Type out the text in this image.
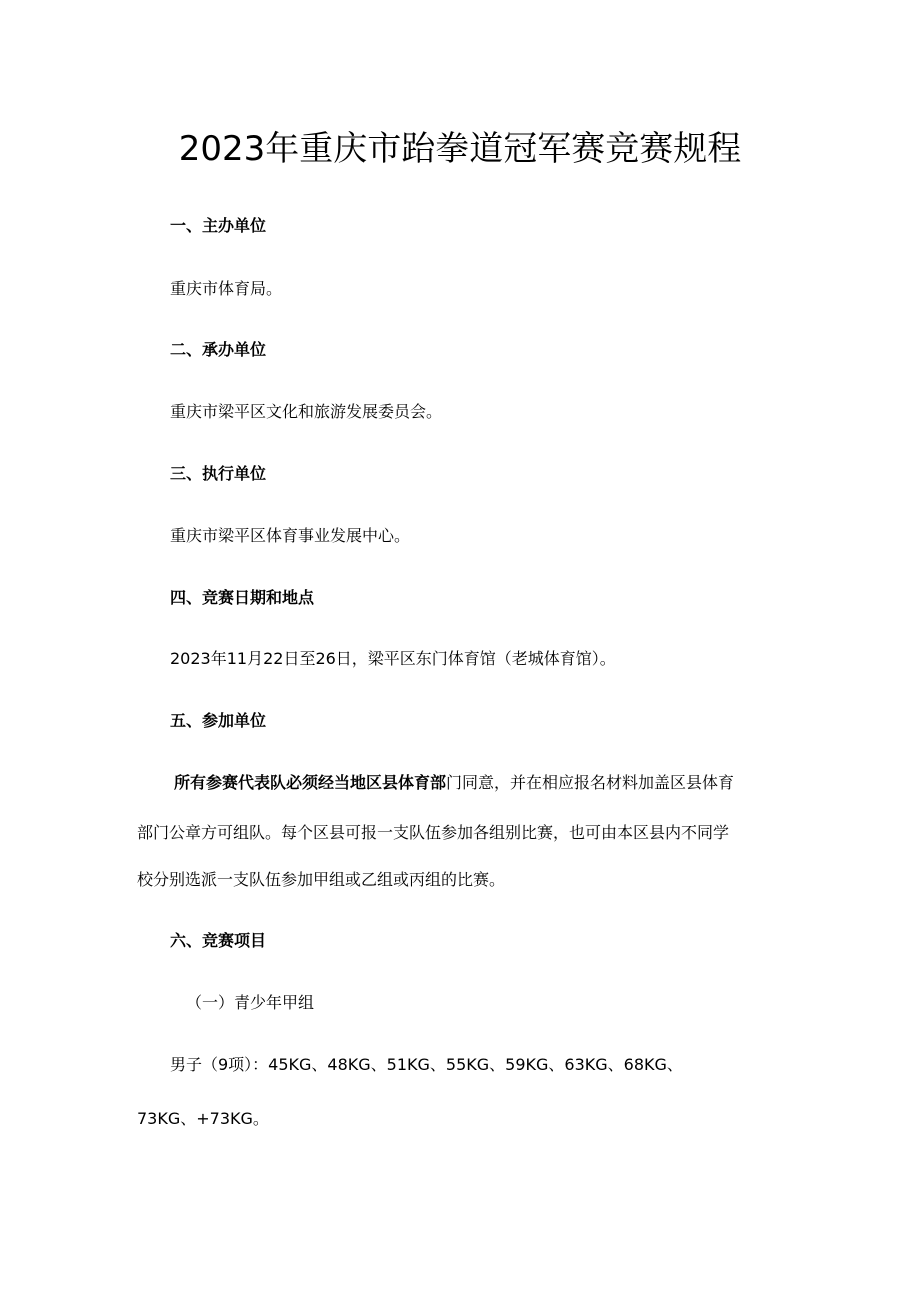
2023年重庆市跆拳道冠军赛竞赛规程

一、主办单位

重庆市体育局。

二、承办单位

重庆市梁平区文化和旅游发展委员会。

三、执行单位

重庆市梁平区体育事业发展中心。

四、竞赛日期和地点

2023年11月22日至26日，梁平区东门体育馆（老城体育馆）。

五、参加单位

所有参赛代表队必须经当地区县体育部门同意，并在相应报名材料加盖区县体育

部门公章方可组队。每个区县可报一支队伍参加各组别比赛，也可由本区县内不同学

校分别选派一支队伍参加甲组或乙组或丙组的比赛。

六、竞赛项目

（一）青少年甲组

男子（9项）：45KG、48KG、51KG、55KG、59KG、63KG、68KG、

73KG、+73KG。
